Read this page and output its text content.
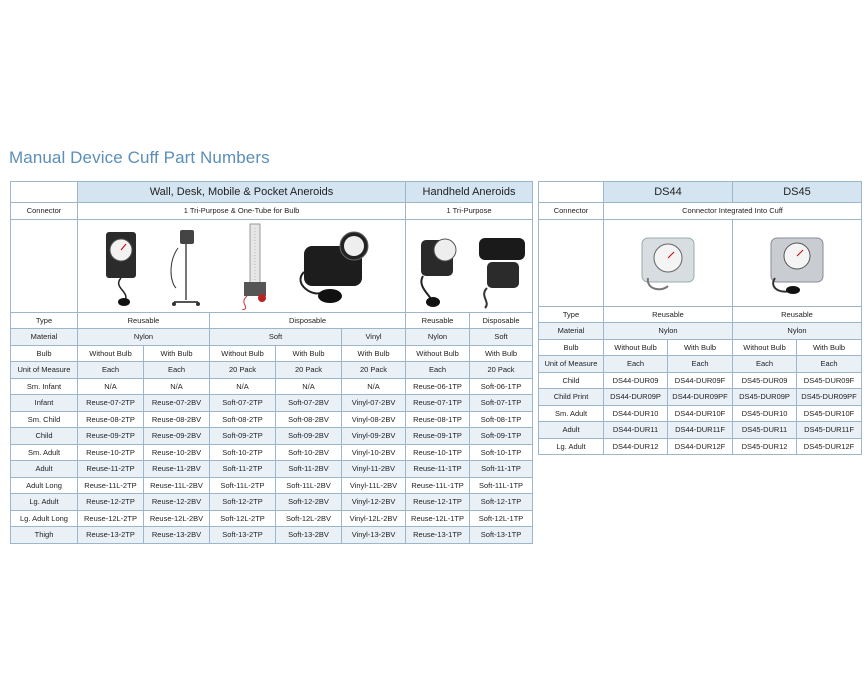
Manual Device Cuff Part Numbers
	Wall, Desk, Mobile & Pocket Aneroids					Handheld Aneroids	
Connector	1 Tri-Purpose & One-Tube for Bulb					1 Tri-Purpose	

Type	Reusable		Disposable			Reusable	Disposable
Material	Nylon		Soft		Vinyl	Nylon	Soft
Bulb	Without Bulb	With Bulb	Without Bulb	With Bulb	With Bulb	Without Bulb	With Bulb
Unit of Measure	Each	Each	20 Pack	20 Pack	20 Pack	Each	20 Pack
Sm. Infant	N/A	N/A	N/A	N/A	N/A	Reuse-06-1TP	Soft-06-1TP
Infant	Reuse-07-2TP	Reuse-07-2BV	Soft-07-2TP	Soft-07-2BV	Vinyl-07-2BV	Reuse-07-1TP	Soft-07-1TP
Sm. Child	Reuse-08-2TP	Reuse-08-2BV	Soft-08-2TP	Soft-08-2BV	Vinyl-08-2BV	Reuse-08-1TP	Soft-08-1TP
Child	Reuse-09-2TP	Reuse-09-2BV	Soft-09-2TP	Soft-09-2BV	Vinyl-09-2BV	Reuse-09-1TP	Soft-09-1TP
Sm. Adult	Reuse-10-2TP	Reuse-10-2BV	Soft-10-2TP	Soft-10-2BV	Vinyl-10-2BV	Reuse-10-1TP	Soft-10-1TP
Adult	Reuse-11-2TP	Reuse-11-2BV	Soft-11-2TP	Soft-11-2BV	Vinyl-11-2BV	Reuse-11-1TP	Soft-11-1TP
Adult Long	Reuse-11L-2TP	Reuse-11L-2BV	Soft-11L-2TP	Soft-11L-2BV	Vinyl-11L-2BV	Reuse-11L-1TP	Soft-11L-1TP
Lg. Adult	Reuse-12-2TP	Reuse-12-2BV	Soft-12-2TP	Soft-12-2BV	Vinyl-12-2BV	Reuse-12-1TP	Soft-12-1TP
Lg. Adult Long	Reuse-12L-2TP	Reuse-12L-2BV	Soft-12L-2TP	Soft-12L-2BV	Vinyl-12L-2BV	Reuse-12L-1TP	Soft-12L-1TP
Thigh	Reuse-13-2TP	Reuse-13-2BV	Soft-13-2TP	Soft-13-2BV	Vinyl-13-2BV	Reuse-13-1TP	Soft-13-1TP
	DS44		DS45	
Connector	Connector Integrated Into Cuff			

Type	Reusable		Reusable	
Material	Nylon		Nylon	
Bulb	Without Bulb	With Bulb	Without Bulb	With Bulb
Unit of Measure	Each	Each	Each	Each
Child	DS44-DUR09	DS44-DUR09F	DS45-DUR09	DS45-DUR09F
Child Print	DS44-DUR09P	DS44-DUR09PF	DS45-DUR09P	DS45-DUR09PF
Sm. Adult	DS44-DUR10	DS44-DUR10F	DS45-DUR10	DS45-DUR10F
Adult	DS44-DUR11	DS44-DUR11F	DS45-DUR11	DS45-DUR11F
Lg. Adult	DS44-DUR12	DS44-DUR12F	DS45-DUR12	DS45-DUR12F
